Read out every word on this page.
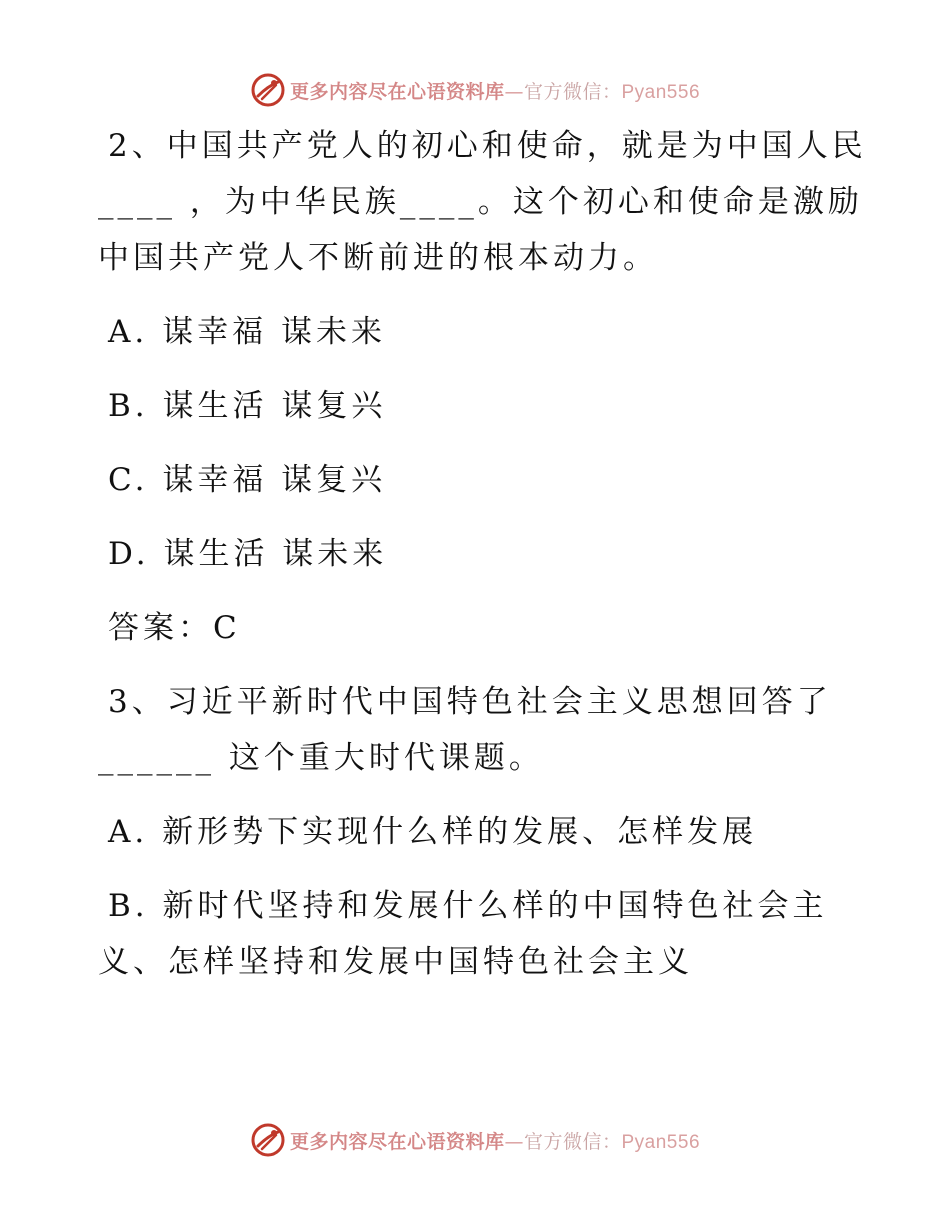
更多内容尽在心语资料库—官方微信：Pyan556
2、中国共产党人的初心和使命，就是为中国人民
____ ，为中华民族____。这个初心和使命是激励
中国共产党人不断前进的根本动力。
A. 谋幸福 谋未来
B. 谋生活 谋复兴
C. 谋幸福 谋复兴
D. 谋生活 谋未来
答案：C
3、习近平新时代中国特色社会主义思想回答了
______ 这个重大时代课题。
A. 新形势下实现什么样的发展、怎样发展
B. 新时代坚持和发展什么样的中国特色社会主
义、怎样坚持和发展中国特色社会主义
更多内容尽在心语资料库—官方微信：Pyan556
